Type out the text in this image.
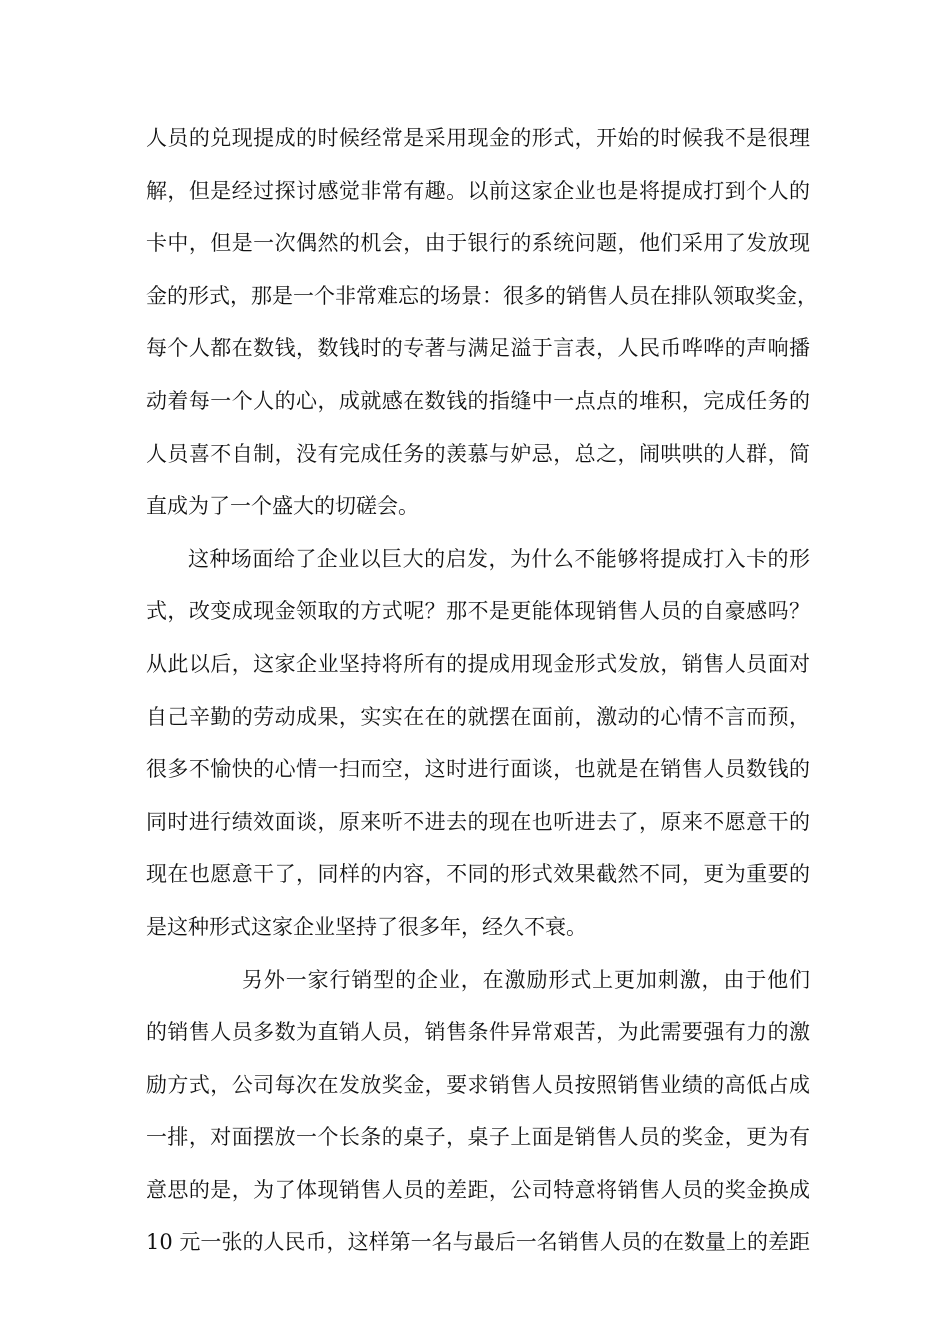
人员的兑现提成的时候经常是采用现金的形式，开始的时候我不是很理
解，但是经过探讨感觉非常有趣。以前这家企业也是将提成打到个人的
卡中，但是一次偶然的机会，由于银行的系统问题，他们采用了发放现
金的形式，那是一个非常难忘的场景：很多的销售人员在排队领取奖金，
每个人都在数钱，数钱时的专著与满足溢于言表，人民币哗哗的声响播
动着每一个人的心，成就感在数钱的指缝中一点点的堆积，完成任务的
人员喜不自制，没有完成任务的羡慕与妒忌，总之，闹哄哄的人群，简
直成为了一个盛大的切磋会。
这种场面给了企业以巨大的启发，为什么不能够将提成打入卡的形
式，改变成现金领取的方式呢？那不是更能体现销售人员的自豪感吗？
从此以后，这家企业坚持将所有的提成用现金形式发放，销售人员面对
自己辛勤的劳动成果，实实在在的就摆在面前，激动的心情不言而预，
很多不愉快的心情一扫而空，这时进行面谈，也就是在销售人员数钱的
同时进行绩效面谈，原来听不进去的现在也听进去了，原来不愿意干的
现在也愿意干了，同样的内容，不同的形式效果截然不同，更为重要的
是这种形式这家企业坚持了很多年，经久不衰。
另外一家行销型的企业，在激励形式上更加刺激，由于他们
的销售人员多数为直销人员，销售条件异常艰苦，为此需要强有力的激
励方式，公司每次在发放奖金，要求销售人员按照销售业绩的高低占成
一排，对面摆放一个长条的桌子，桌子上面是销售人员的奖金，更为有
意思的是，为了体现销售人员的差距，公司特意将销售人员的奖金换成
10 元一张的人民币，这样第一名与最后一名销售人员的在数量上的差距
